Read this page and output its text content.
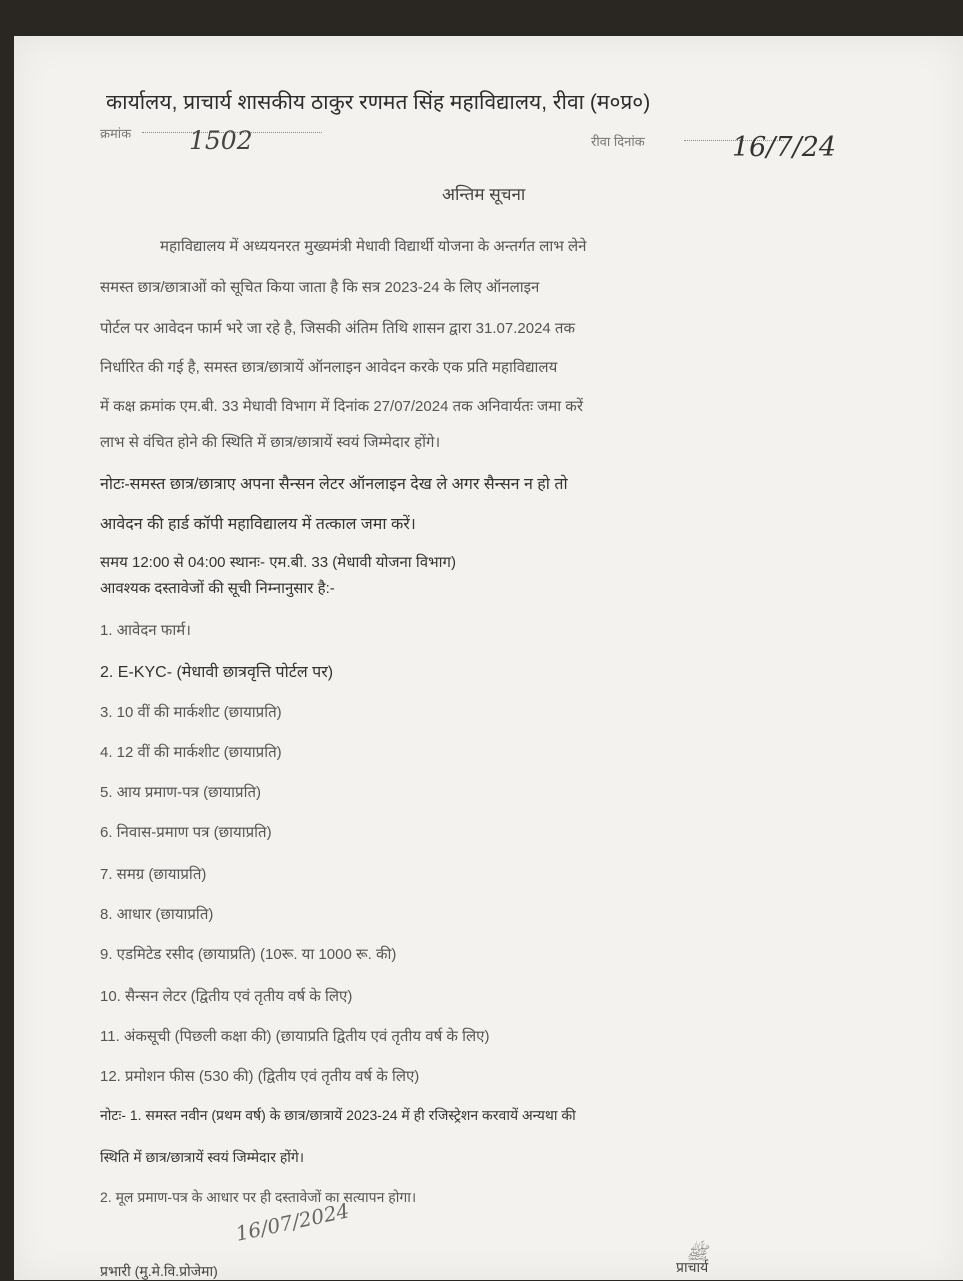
कार्यालय, प्राचार्य शासकीय ठाकुर रणमत सिंह महाविद्यालय, रीवा (म०प्र०)
क्रमांक 1502	रीवा दिनांक	16/7/24
अन्तिम सूचना
महाविद्यालय में अध्ययनरत मुख्यमंत्री मेधावी विद्यार्थी योजना के अन्तर्गत लाभ लेने
समस्त छात्र/छात्राओं को सूचित किया जाता है कि सत्र 2023-24 के लिए ऑनलाइन
पोर्टल पर आवेदन फार्म भरे जा रहे है, जिसकी अंतिम तिथि शासन द्वारा 31.07.2024 तक
निर्धारित की गई है, समस्त छात्र/छात्रायें ऑनलाइन आवेदन करके एक प्रति महाविद्यालय
में कक्ष क्रमांक एम.बी. 33 मेधावी विभाग में दिनांक 27/07/2024 तक अनिवार्यतः जमा करें
लाभ से वंचित होने की स्थिति में छात्र/छात्रायें स्वयं जिम्मेदार होंगे।
नोटः-समस्त छात्र/छात्राए अपना सैन्सन लेटर ऑनलाइन देख ले अगर सैन्सन न हो तो
आवेदन की हार्ड कॉपी महाविद्यालय में तत्काल जमा करें।
समय 12:00 से 04:00 स्थानः- एम.बी. 33 (मेधावी योजना विभाग)
आवश्यक दस्तावेजों की सूची निम्नानुसार है:-
1. आवेदन फार्म।
2. E-KYC- (मेधावी छात्रवृत्ति पोर्टल पर)
3. 10 वीं की मार्कशीट (छायाप्रति)
4. 12 वीं की मार्कशीट (छायाप्रति)
5. आय प्रमाण-पत्र (छायाप्रति)
6. निवास-प्रमाण पत्र (छायाप्रति)
7. समग्र (छायाप्रति)
8. आधार (छायाप्रति)
9. एडमिटेड रसीद (छायाप्रति) (10रू. या 1000 रू. की)
10. सैन्सन लेटर (द्वितीय एवं तृतीय वर्ष के लिए)
11. अंकसूची (पिछली कक्षा की) (छायाप्रति द्वितीय एवं तृतीय वर्ष के लिए)
12. प्रमोशन फीस (530 की) (द्वितीय एवं तृतीय वर्ष के लिए)
नोटः- 1. समस्त नवीन (प्रथम वर्ष) के छात्र/छात्रायें 2023-24 में ही रजिस्ट्रेशन करवायें अन्यथा की
स्थिति में छात्र/छात्रायें स्वयं जिम्मेदार होंगे।
2. मूल प्रमाण-पत्र के आधार पर ही दस्तावेजों का सत्यापन होगा।
16/07/2024
ﷺ
प्रभारी (मु.मे.वि.प्रोजेमा)	प्राचार्य
